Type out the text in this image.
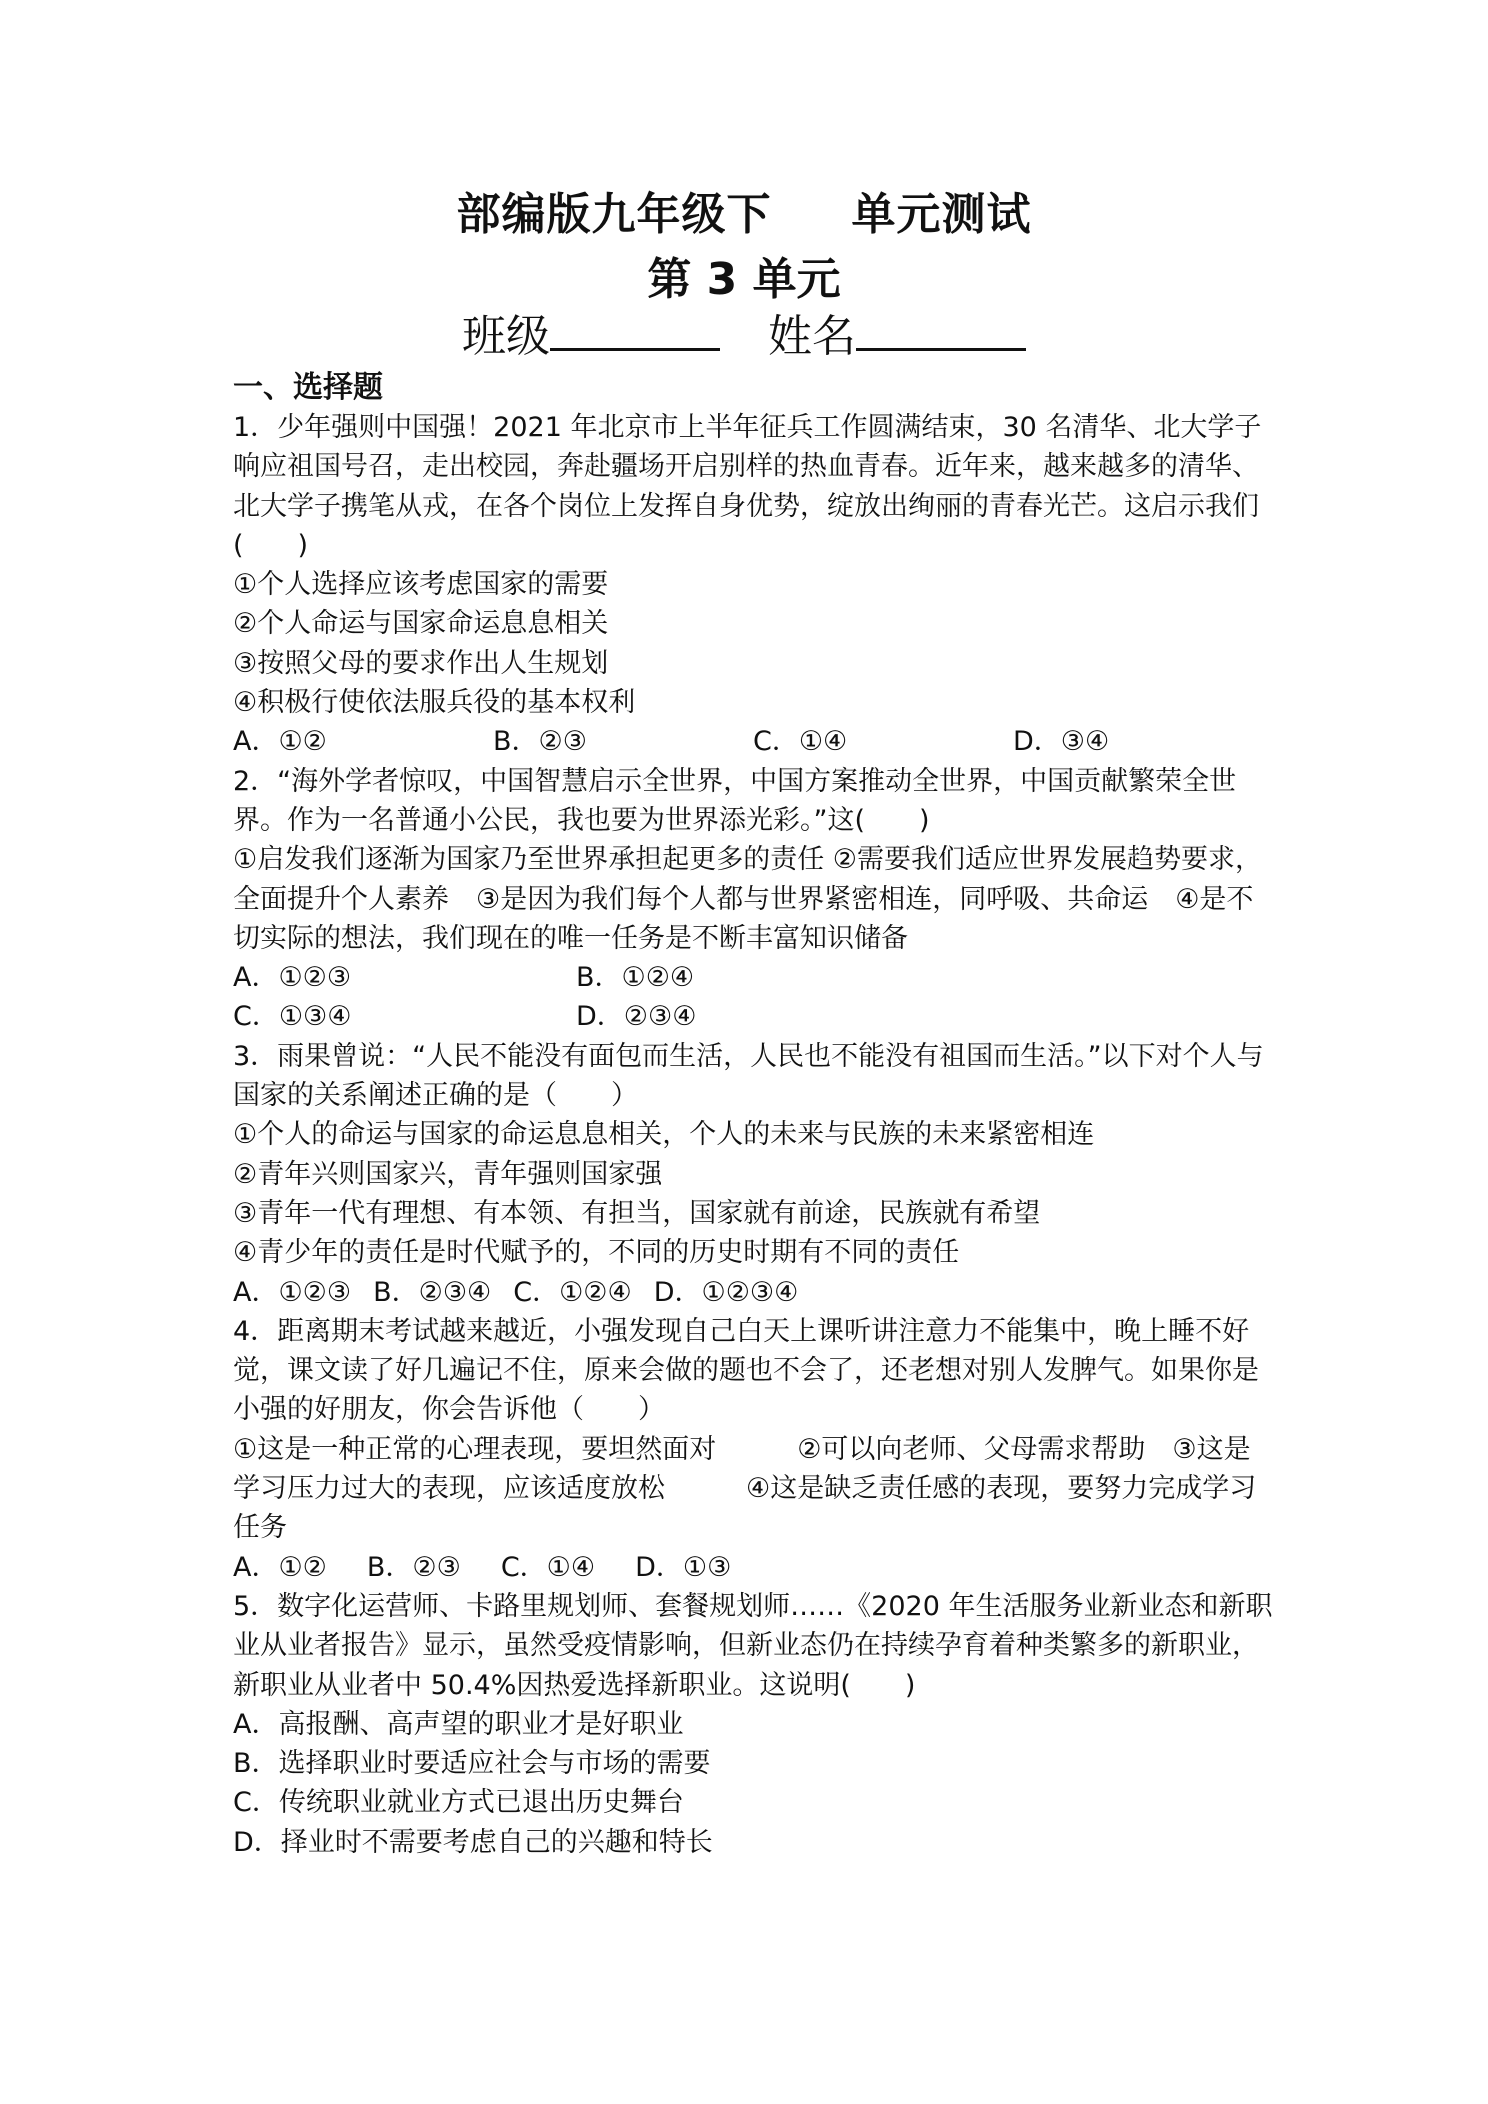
部编版九年级下 单元测试
第 3 单元
班级	姓名

一、选择题

1．少年强则中国强！2021 年北京市上半年征兵工作圆满结束，30 名清华、北大学子响应祖国号召，走出校园，奔赴疆场开启别样的热血青春。近年来，越来越多的清华、北大学子携笔从戎，在各个岗位上发挥自身优势，绽放出绚丽的青春光芒。这启示我们(　　)

①个人选择应该考虑国家的需要

②个人命运与国家命运息息相关

③按照父母的要求作出人生规划

④积极行使依法服兵役的基本权利

A．①②	B．②③	C．①④	D．③④

2．“海外学者惊叹，中国智慧启示全世界，中国方案推动全世界，中国贡献繁荣全世界。作为一名普通小公民，我也要为世界添光彩。”这(　　)

①启发我们逐渐为国家乃至世界承担起更多的责任 ②需要我们适应世界发展趋势要求，全面提升个人素养　③是因为我们每个人都与世界紧密相连，同呼吸、共命运　④是不切实际的想法，我们现在的唯一任务是不断丰富知识储备

A．①②③	B．①②④

C．①③④	D．②③④

3．雨果曾说：“人民不能没有面包而生活，人民也不能没有祖国而生活。”以下对个人与国家的关系阐述正确的是（　　）

①个人的命运与国家的命运息息相关，个人的未来与民族的未来紧密相连

②青年兴则国家兴，青年强则国家强

③青年一代有理想、有本领、有担当，国家就有前途，民族就有希望

④青少年的责任是时代赋予的，不同的历史时期有不同的责任

A．①②③ B．②③④ C．①②④ D．①②③④

4．距离期末考试越来越近，小强发现自己白天上课听讲注意力不能集中，晚上睡不好觉，课文读了好几遍记不住，原来会做的题也不会了，还老想对别人发脾气。如果你是小强的好朋友，你会告诉他（　　）

①这是一种正常的心理表现，要坦然面对　　　②可以向老师、父母需求帮助　③这是学习压力过大的表现，应该适度放松　　　④这是缺乏责任感的表现，要努力完成学习任务

A．①② B．②③ C．①④ D．①③

5．数字化运营师、卡路里规划师、套餐规划师……《2020 年生活服务业新业态和新职业从业者报告》显示，虽然受疫情影响，但新业态仍在持续孕育着种类繁多的新职业，新职业从业者中 50.4%因热爱选择新职业。这说明(　　)

A．高报酬、高声望的职业才是好职业

B．选择职业时要适应社会与市场的需要

C．传统职业就业方式已退出历史舞台

D．择业时不需要考虑自己的兴趣和特长
